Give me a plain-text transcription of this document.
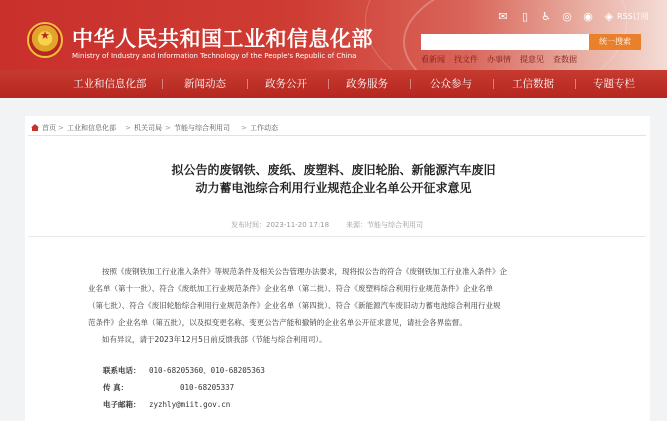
★	中华人民共和国工业和信息化部
Ministry of Industry and Information Technology of the People's Republic of China
✉	▯	♿ ◎ ◉ ◈ RSS订阅
统一搜索
看新闻 找文件 办事情 提意见 查数据
工业和信息化部	新闻动态	政务公开	政务服务	公众参与	工信数据	专题专栏
首页 > 工业和信息化部 > 机关司局 > 节能与综合利用司 > 工作动态
拟公告的废钢铁、废纸、废塑料、废旧轮胎、新能源汽车废旧
动力蓄电池综合利用行业规范企业名单公开征求意见
发布时间：2023-11-20 17:18 来源：节能与综合利用司
按照《废钢铁加工行业准入条件》等规范条件及相关公告管理办法要求，现将拟公告的符合《废钢铁加工行业准入条件》企
业名单（第十一批）、符合《废纸加工行业规范条件》企业名单（第二批）、符合《废塑料综合利用行业规范条件》企业名单
（第七批）、符合《废旧轮胎综合利用行业规范条件》企业名单（第四批）、符合《新能源汽车废旧动力蓄电池综合利用行业规
范条件》企业名单（第五批），以及拟变更名称、变更公告产能和撤销的企业名单公开征求意见，请社会各界监督。
如有异议，请于2023年12月5日前反馈我部（节能与综合利用司）。
联系电话： 010-68205360、010-68205363
传 真：	010-68205337
电子邮箱： zyzhly@miit.gov.cn
